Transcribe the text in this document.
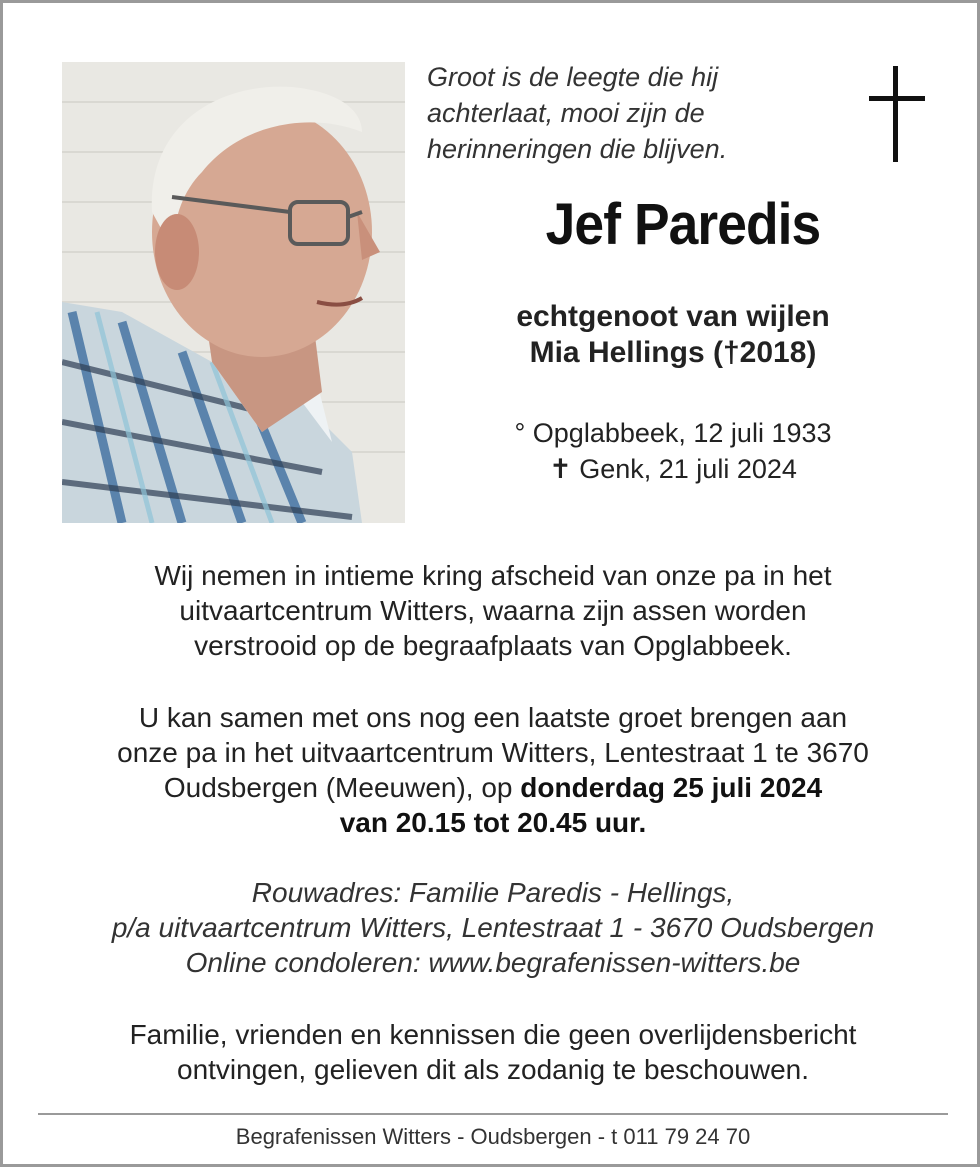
Groot is de leegte die hij
achterlaat, mooi zijn de
herinneringen die blijven.
Jef Paredis
echtgenoot van wijlen
Mia Hellings (†2018)
° Opglabbeek, 12 juli 1933
✝ Genk, 21 juli 2024
Wij nemen in intieme kring afscheid van onze pa in het
uitvaartcentrum Witters, waarna zijn assen worden
verstrooid op de begraafplaats van Opglabbeek.
U kan samen met ons nog een laatste groet brengen aan
onze pa in het uitvaartcentrum Witters, Lentestraat 1 te 3670
Oudsbergen (Meeuwen), op donderdag 25 juli 2024
van 20.15 tot 20.45 uur.
Rouwadres: Familie Paredis - Hellings,
p/a uitvaartcentrum Witters, Lentestraat 1 - 3670 Oudsbergen
Online condoleren: www.begrafenissen-witters.be
Familie, vrienden en kennissen die geen overlijdensbericht
ontvingen, gelieven dit als zodanig te beschouwen.
Begrafenissen Witters - Oudsbergen - t 011 79 24 70
